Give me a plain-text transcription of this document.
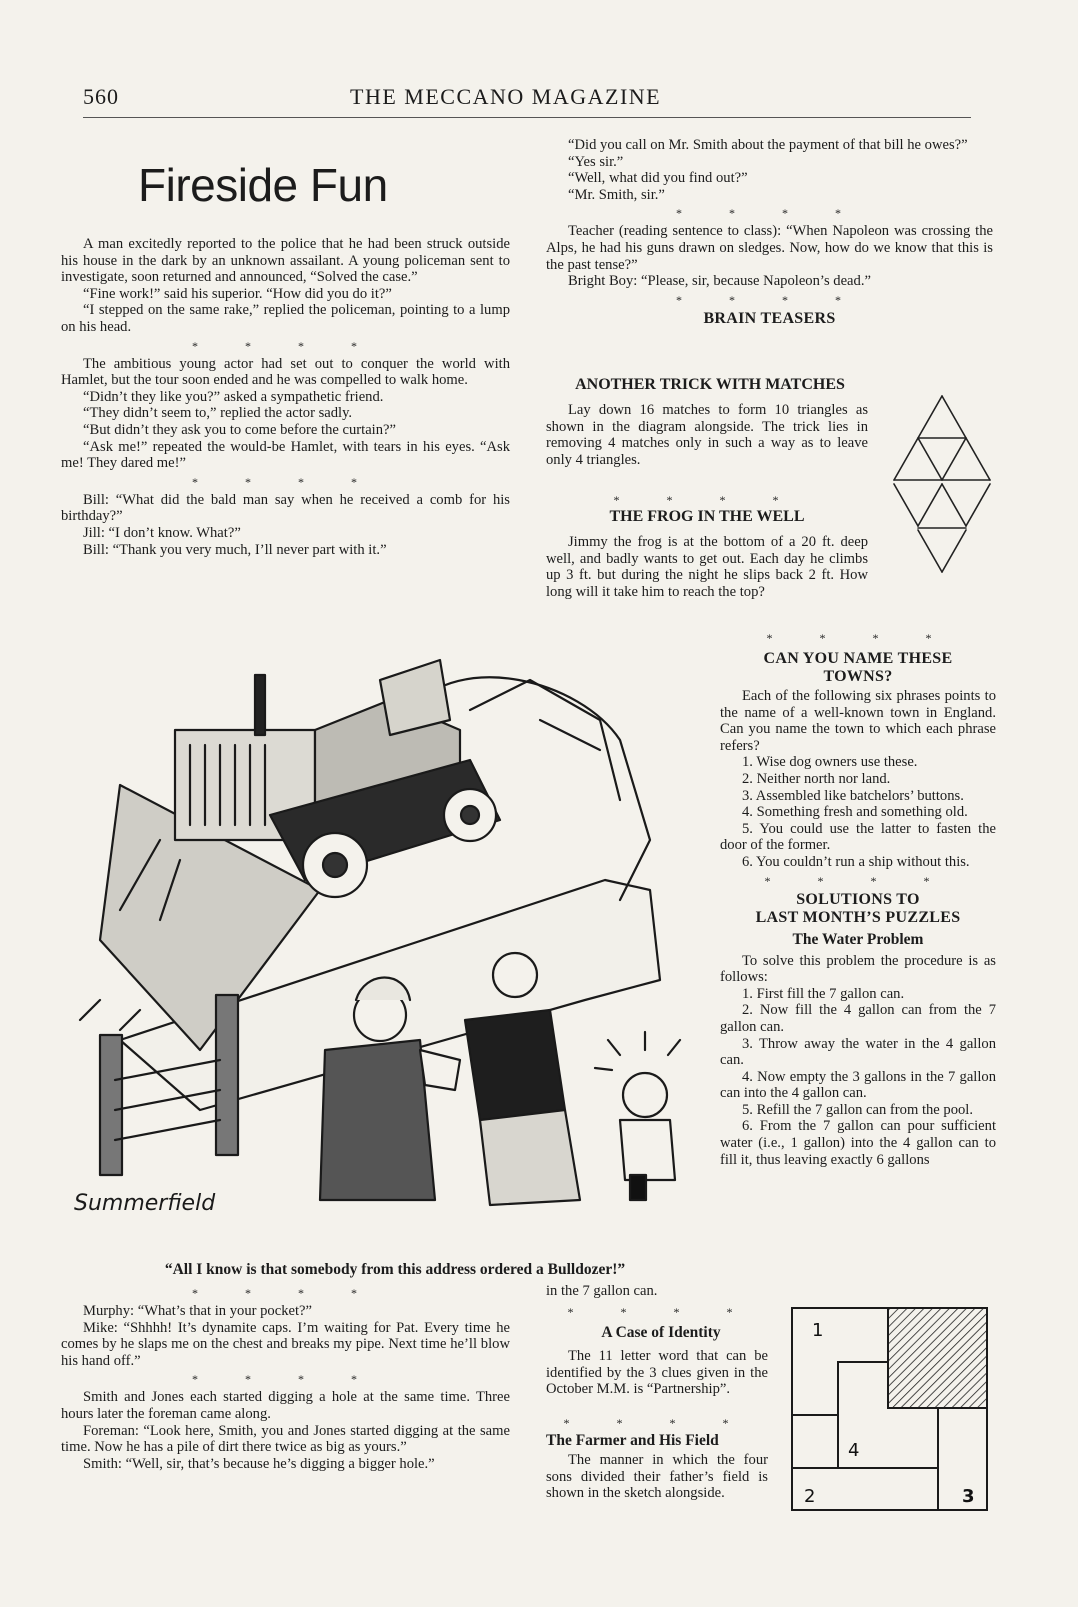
560	THE MECCANO MAGAZINE
Fireside Fun

A man excitedly reported to the police that he had been struck outside his house in the dark by an unknown assailant. A young policeman sent to investigate, soon returned and announced, “Solved the case.”

“Fine work!” said his superior. “How did you do it?”

“I stepped on the same rake,” replied the policeman, pointing to a lump on his head.

* * * *

The ambitious young actor had set out to conquer the world with Hamlet, but the tour soon ended and he was compelled to walk home.

“Didn’t they like you?” asked a sympathetic friend.

“They didn’t seem to,” replied the actor sadly.

“But didn’t they ask you to come before the curtain?”

“Ask me!” repeated the would-be Hamlet, with tears in his eyes. “Ask me! They dared me!”

* * * *

Bill: “What did the bald man say when he received a comb for his birthday?”

Jill: “I don’t know. What?”

Bill: “Thank you very much, I’ll never part with it.”

“Did you call on Mr. Smith about the payment of that bill he owes?”

“Yes sir.”

“Well, what did you find out?”

“Mr. Smith, sir.”

* * * *

Teacher (reading sentence to class): “When Napoleon was crossing the Alps, he had his guns drawn on sledges. Now, how do we know that this is the past tense?”

Bright Boy: “Please, sir, because Napoleon’s dead.”

* * * *
BRAIN TEASERS
ANOTHER TRICK WITH MATCHES

Lay down 16 matches to form 10 triangles as shown in the diagram alongside. The trick lies in removing 4 matches only in such a way as to leave only 4 triangles.

* * * *
THE FROG IN THE WELL

Jimmy the frog is at the bottom of a 20 ft. deep well, and badly wants to get out. Each day he climbs up 3 ft. but during the night he slips back 2 ft. How long will it take him to reach the top?

* * * *
CAN YOU NAME THESE
TOWNS?

Each of the following six phrases points to the name of a well-known town in England. Can you name the town to which each phrase refers?

1. Wise dog owners use these.

2. Neither north nor land.

3. Assembled like batchelors’ buttons.

4. Something fresh and something old.

5. You could use the latter to fasten the door of the former.

6. You couldn’t run a ship without this.

* * * *
SOLUTIONS TO
LAST MONTH’S PUZZLES
The Water Problem

To solve this problem the procedure is as follows:

1. First fill the 7 gallon can.

2. Now fill the 4 gallon can from the 7 gallon can.

3. Throw away the water in the 4 gallon can.

4. Now empty the 3 gallons in the 7 gallon can into the 4 gallon can.

5. Refill the 7 gallon can from the pool.

6. From the 7 gallon can pour sufficient water (i.e., 1 gallon) into the 4 gallon can to fill it, thus leaving exactly 6 gallons

Summerfield
“All I know is that somebody from this address ordered a Bulldozer!”
* * * *

Murphy: “What’s that in your pocket?”

Mike: “Shhhh! It’s dynamite caps. I’m waiting for Pat. Every time he comes by he slaps me on the chest and breaks my pipe. Next time he’ll blow his hand off.”

* * * *

Smith and Jones each started digging a hole at the same time. Three hours later the foreman came along.

Foreman: “Look here, Smith, you and Jones started digging at the same time. Now he has a pile of dirt there twice as big as yours.”

Smith: “Well, sir, that’s because he’s digging a bigger hole.”

in the 7 gallon can.
* * * *
A Case of Identity

The 11 letter word that can be identified by the 3 clues given in the October M.M. is “Partnership”.

* * * *
The Farmer and His Field

The manner in which the four sons divided their father’s field is shown in the sketch alongside.

1
2	3
4
